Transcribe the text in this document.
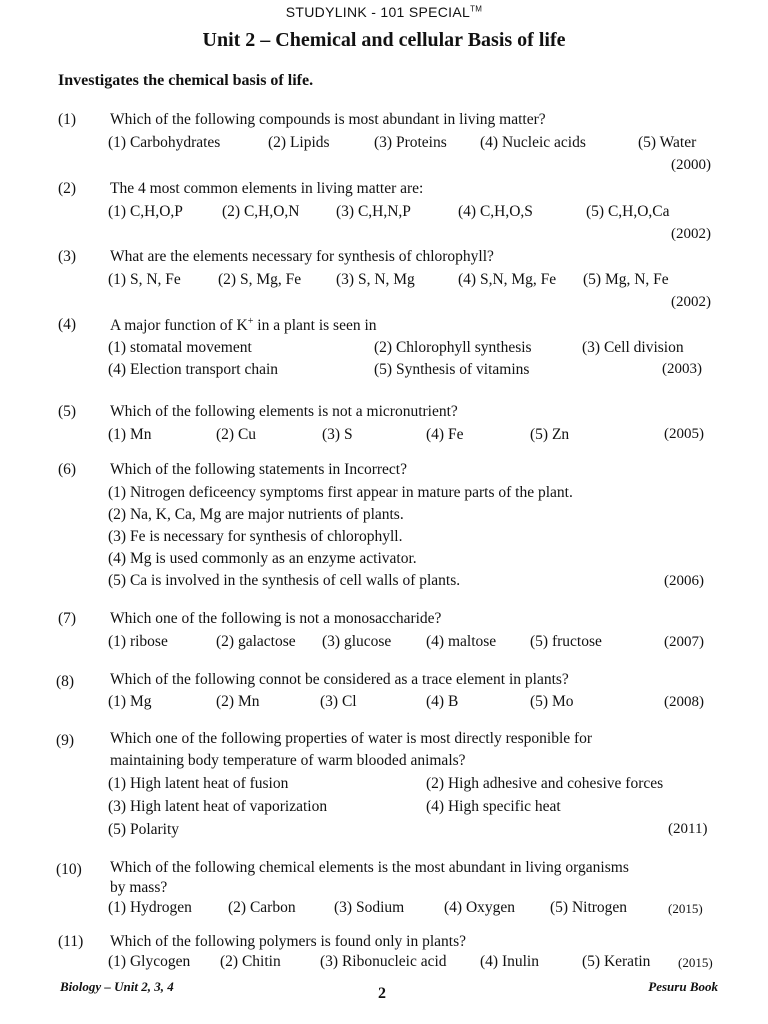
STUDYLINK - 101 SPECIAL™
Unit 2 – Chemical and cellular Basis of life
Investigates the chemical basis of life.
(1) Which of the following compounds is most abundant in living matter?
(1) Carbohydrates	(2) Lipids	(3) Proteins (4) Nucleic acids	(5) Water
(2000)
(2) The 4 most common elements in living matter are:
(1) C,H,O,P	(2) C,H,O,N (3) C,H,N,P	(4) C,H,O,S	(5) C,H,O,Ca
(2002)
(3) What are the elements necessary for synthesis of chlorophyll?
(1) S, N, Fe (2) S, Mg, Fe (3) S, N, Mg	(4) S,N, Mg, Fe (5) Mg, N, Fe
(2002)
(4) A major function of K+ in a plant is seen in
(1) stomatal movement	(2) Chlorophyll synthesis	(3) Cell division
(4) Election transport chain	(5) Synthesis of vitamins	(2003)
(5) Which of the following elements is not a micronutrient?
(1) Mn	(2) Cu	(3) S	(4) Fe	(5) Zn	(2005)
(6) Which of the following statements in Incorrect?
(1) Nitrogen deficeency symptoms first appear in mature parts of the plant.
(2) Na, K, Ca, Mg are major nutrients of plants.
(3) Fe is necessary for synthesis of chlorophyll.
(4) Mg is used commonly as an enzyme activator.
(5) Ca is involved in the synthesis of cell walls of plants.	(2006)
(7) Which one of the following is not a monosaccharide?
(1) ribose	(2) galactose (3) glucose (4) maltose (5) fructose	(2007)
(8) Which of the following connot be considered as a trace element in plants?
(1) Mg	(2) Mn	(3) Cl	(4) B	(5) Mo	(2008)
(9) Which one of the following properties of water is most directly responible for
maintaining body temperature of warm blooded animals?
(1) High latent heat of fusion	(2) High adhesive and cohesive forces
(3) High latent heat of vaporization	(4) High specific heat
(5) Polarity	(2011)
(10) Which of the following chemical elements is the most abundant in living organisms
by mass?
(1) Hydrogen (2) Carbon (3) Sodium	(4) Oxygen (5) Nitrogen	(2015)
(11) Which of the following polymers is found only in plants?
(1) Glycogen (2) Chitin	(3) Ribonucleic acid (4) Inulin	(5) Keratin (2015)
Biology – Unit 2, 3, 4	2	Pesuru Book
